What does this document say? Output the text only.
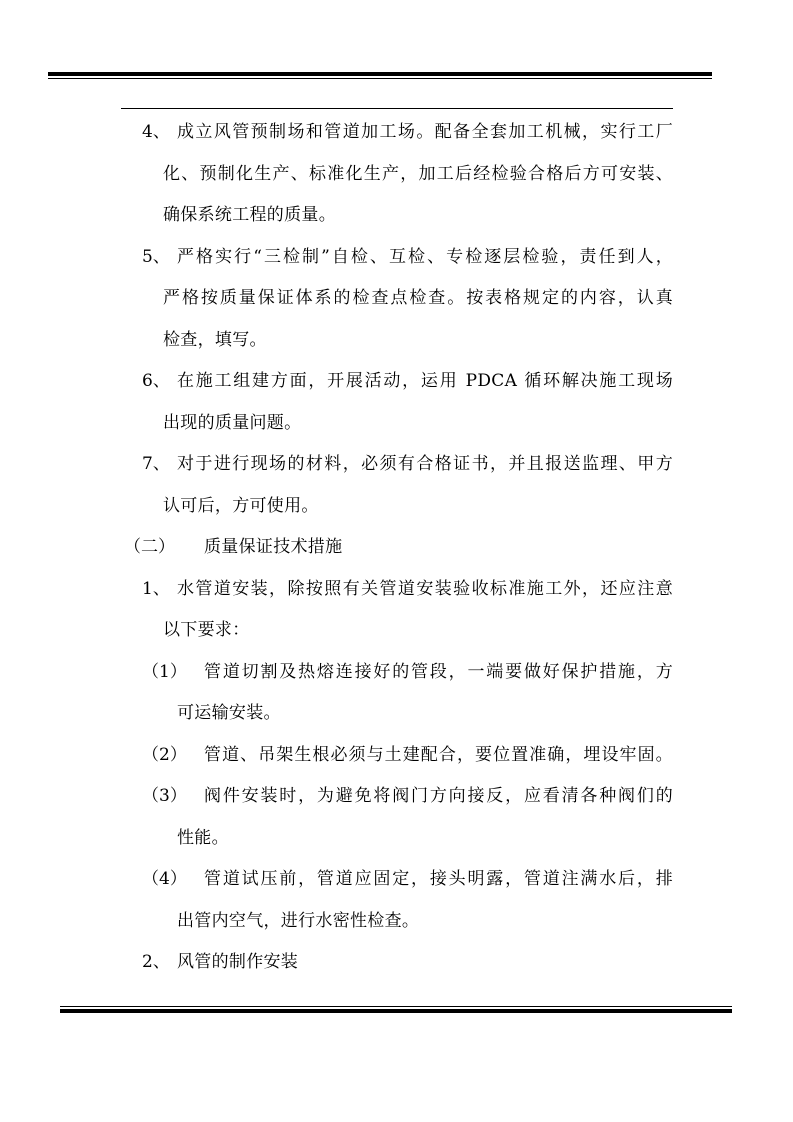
4、 成立风管预制场和管道加工场。配备全套加工机械，实行工厂
化、预制化生产、标准化生产，加工后经检验合格后方可安装、
确保系统工程的质量。
5、 严格实行“三检制”自检、互检、专检逐层检验，责任到人，
严格按质量保证体系的检查点检查。按表格规定的内容，认真
检查，填写。
6、 在施工组建方面，开展活动，运用 PDCA 循环解决施工现场
出现的质量问题。
7、 对于进行现场的材料，必须有合格证书，并且报送监理、甲方
认可后，方可使用。
（二） 质量保证技术措施
1、 水管道安装，除按照有关管道安装验收标准施工外，还应注意
以下要求：
（1） 管道切割及热熔连接好的管段，一端要做好保护措施，方
可运输安装。
（2） 管道、吊架生根必须与土建配合，要位置准确，埋设牢固。
（3） 阀件安装时，为避免将阀门方向接反，应看清各种阀们的
性能。
（4） 管道试压前，管道应固定，接头明露，管道注满水后，排
出管内空气，进行水密性检查。
2、 风管的制作安装
